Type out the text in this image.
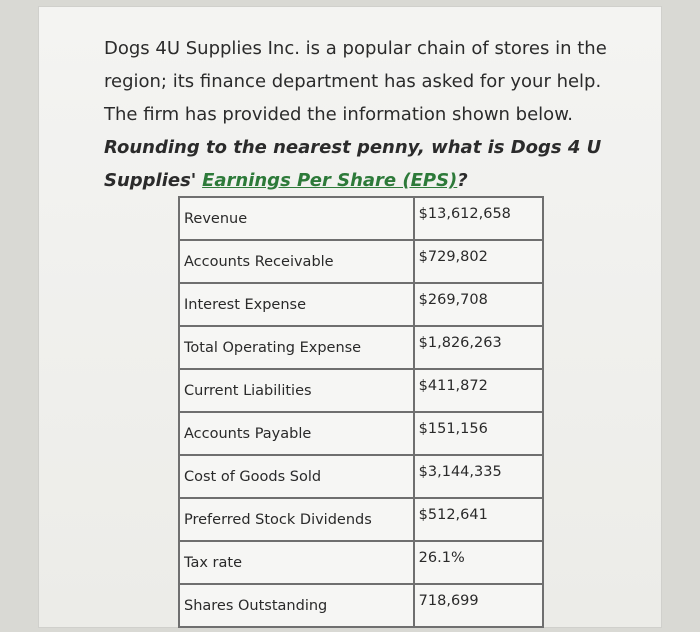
Dogs 4U Supplies Inc. is a popular chain of stores in the region; its finance department has asked for your help. The firm has provided the information shown below. Rounding to the nearest penny, what is Dogs 4 U Supplies' Earnings Per Share (EPS)?
Revenue	$13,612,658
Accounts Receivable	$729,802
Interest Expense	$269,708
Total Operating Expense	$1,826,263
Current Liabilities	$411,872
Accounts Payable	$151,156
Cost of Goods Sold	$3,144,335
Preferred Stock Dividends	$512,641
Tax rate	26.1%
Shares Outstanding	718,699
